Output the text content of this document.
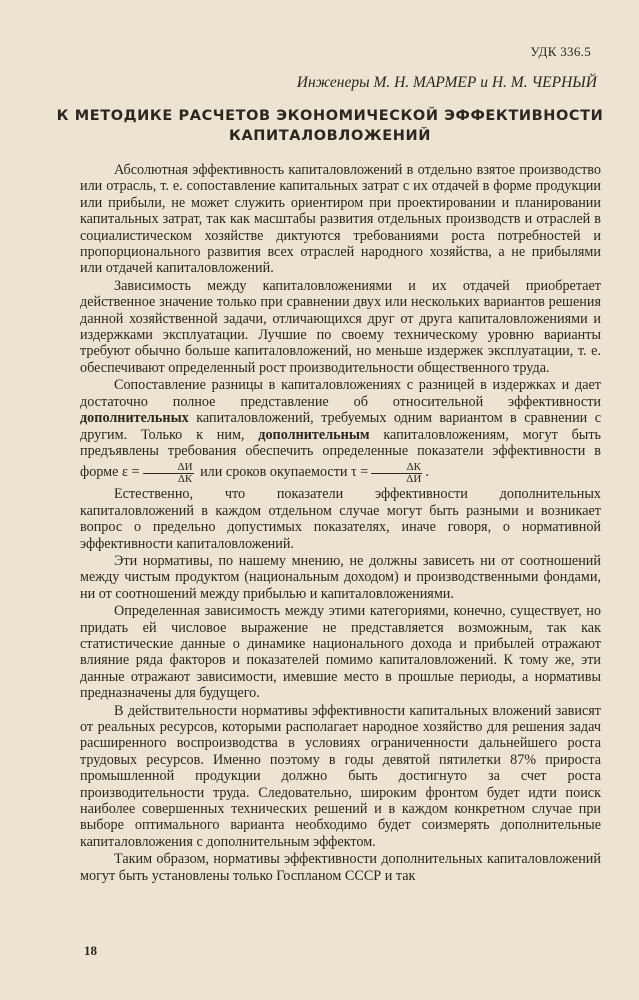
УДК 336.5
Инженеры М. Н. МАРМЕР и Н. М. ЧЕРНЫЙ
К МЕТОДИКЕ РАСЧЕТОВ ЭКОНОМИЧЕСКОЙ ЭФФЕКТИВНОСТИ
КАПИТАЛОВЛОЖЕНИЙ

Абсолютная эффективность капиталовложений в отдельно взятое производство или отрасль, т. е. сопоставление капитальных затрат с их отдачей в форме продукции или прибыли, не может служить ориентиром при проектировании и планировании капитальных затрат, так как масштабы развития отдельных производств и отраслей в социалистическом хозяйстве диктуются требованиями роста потребностей и пропорционального развития всех отраслей народного хозяйства, а не прибылями или отдачей капиталовложений.

Зависимость между капиталовложениями и их отдачей приобретает действенное значение только при сравнении двух или нескольких вариантов решения данной хозяйственной задачи, отличающихся друг от друга капиталовложениями и издержками эксплуатации. Лучшие по своему техническому уровню варианты требуют обычно больше капиталовложений, но меньше издержек эксплуатации, т. е. обеспечивают определенный рост производительности общественного труда.

Сопоставление разницы в капиталовложениях с разницей в издержках и дает достаточно полное представление об относительной эффективности дополнительных капиталовложений, требуемых одним вариантом в сравнении с другим. Только к ним, дополнительным капиталовложениям, могут быть предъявлены требования обеспечить определенные показатели эффективности в форме $\varepsilon = \frac{\Delta И}{\Delta К}$ или сроков окупаемости $\tau = \frac{\Delta К}{\Delta И}$ .

Естественно, что показатели эффективности дополнительных капиталовложений в каждом отдельном случае могут быть разными и возникает вопрос о предельно допустимых показателях, иначе говоря, о нормативной эффективности капиталовложений.

Эти нормативы, по нашему мнению, не должны зависеть ни от соотношений между чистым продуктом (национальным доходом) и производственными фондами, ни от соотношений между прибылью и капиталовложениями.

Определенная зависимость между этими категориями, конечно, существует, но придать ей числовое выражение не представляется возможным, так как статистические данные о динамике национального дохода и прибылей отражают влияние ряда факторов и показателей помимо капиталовложений. К тому же, эти данные отражают зависимости, имевшие место в прошлые периоды, а нормативы предназначены для будущего.

В действительности нормативы эффективности капитальных вложений зависят от реальных ресурсов, которыми располагает народное хозяйство для решения задач расширенного воспроизводства в условиях ограниченности дальнейшего роста трудовых ресурсов. Именно поэтому в годы девятой пятилетки 87% прироста промышленной продукции должно быть достигнуто за счет роста производительности труда. Следовательно, широким фронтом будет идти поиск наиболее совершенных технических решений и в каждом конкретном случае при выборе оптимального варианта необходимо будет соизмерять дополнительные капиталовложения с дополнительным эффектом.

Таким образом, нормативы эффективности дополнительных капиталовложений могут быть установлены только Госпланом СССР и так

18
